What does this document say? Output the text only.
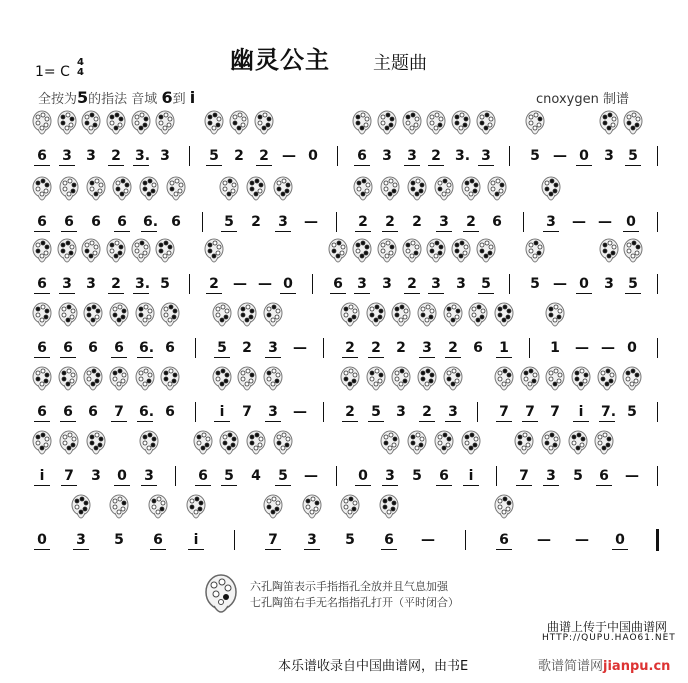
幽灵公主 主题曲
1= C
4
4
全按为5的指法 音域 6到 i	cnoxygen 制谱
6 3 3 2 3. 3	5 2 2 — 0	6 3 3 2 3. 3	5 — 0 3 5
6 6 6 6 6. 6	5 2 3 —	2 2 2 3 2 6	3 — — 0
6 3 3 2 3. 5	2 — — 0	6 3 3 2 3 3 5	5 — 0 3 5
6 6 6 6 6. 6	5 2 3 —	2 2 2 3 2 6 1	1 — — 0
6 6 6 7 6. 6	i 7 3 —	2 5 3 2 3	7 7 7 i 7. 5
i 7 3 0 3	6 5 4 5 —	0 3 5 6 i	7 3 5 6 —
0 3 5 6 i	7 3 5 6 —	6 — — 0
六孔陶笛表示手指指孔全放并且气息加强
七孔陶笛右手无名指指孔打开（平时闭合）
曲谱上传于中国曲谱网
HTTP://QUPU.HAO61.NET
本乐谱收录自中国曲谱网，由书E	歌谱简谱网jianpu.cn
